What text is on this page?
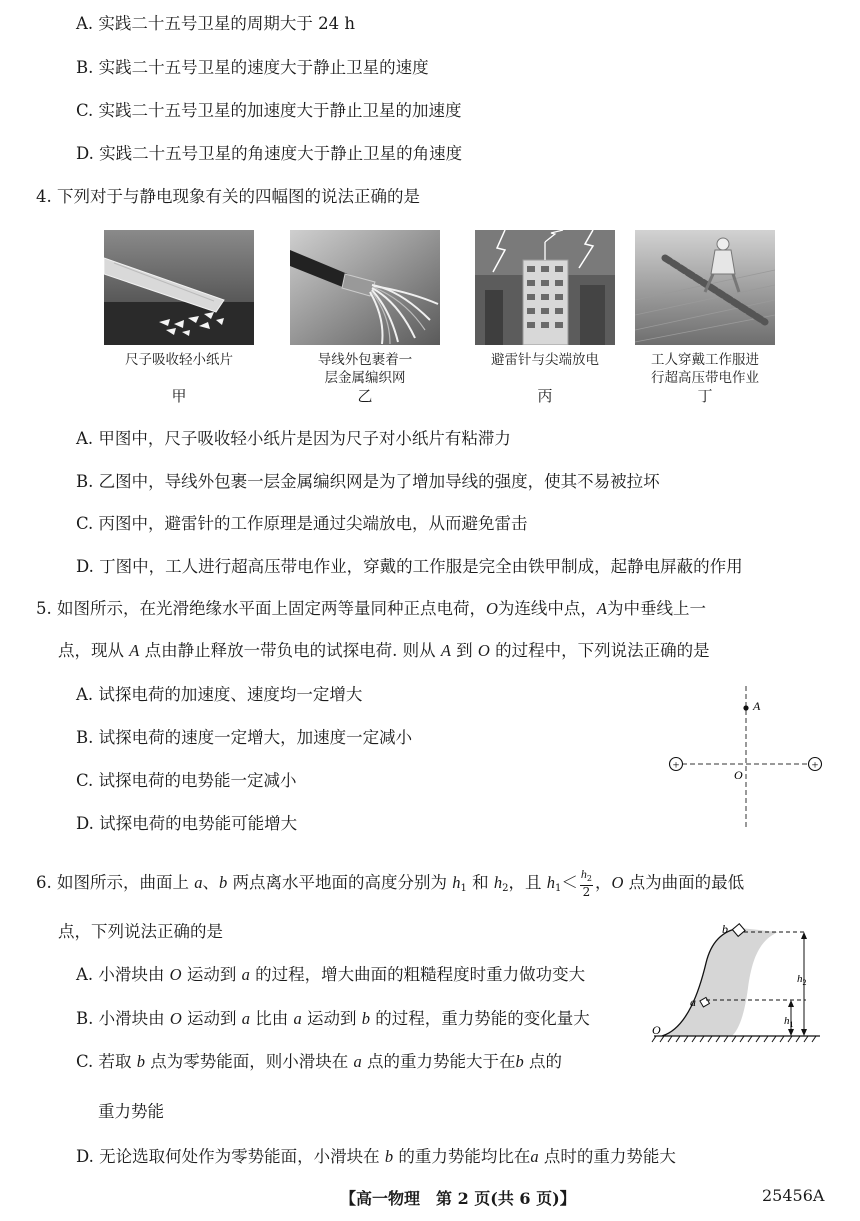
A. 实践二十五号卫星的周期大于 24 h
B. 实践二十五号卫星的速度大于静止卫星的速度
C. 实践二十五号卫星的加速度大于静止卫星的加速度
D. 实践二十五号卫星的角速度大于静止卫星的角速度
4. 下列对于与静电现象有关的四幅图的说法正确的是
尺子吸收轻小纸片
甲
导线外包裹着一
层金属编织网
乙
避雷针与尖端放电
丙
工人穿戴工作服进
行超高压带电作业
丁
A. 甲图中，尺子吸收轻小纸片是因为尺子对小纸片有粘滞力
B. 乙图中，导线外包裹一层金属编织网是为了增加导线的强度，使其不易被拉坏
C. 丙图中，避雷针的工作原理是通过尖端放电，从而避免雷击
D. 丁图中，工人进行超高压带电作业，穿戴的工作服是完全由铁甲制成，起静电屏蔽的作用
5. 如图所示，在光滑绝缘水平面上固定两等量同种正点电荷，O为连线中点，A为中垂线上一
点，现从 A 点由静止释放一带负电的试探电荷. 则从 A 到 O 的过程中，下列说法正确的是
A. 试探电荷的加速度、速度均一定增大
B. 试探电荷的速度一定增大，加速度一定减小
C. 试探电荷的电势能一定减小
D. 试探电荷的电势能可能增大
A
O
+	+
6. 如图所示，曲面上 a、b 两点离水平地面的高度分别为 $h_1$ 和 $h_2$，且 $h_1< \frac{h_2}{2}$ ，O 点为曲面的最低
点，下列说法正确的是
A. 小滑块由 O 运动到 a 的过程，增大曲面的粗糙程度时重力做功变大
B. 小滑块由 O 运动到 a 比由 a 运动到 b 的过程，重力势能的变化量大
C. 若取 b 点为零势能面，则小滑块在 a 点的重力势能大于在b 点的
重力势能
D. 无论选取何处作为零势能面，小滑块在 b 的重力势能均比在a 点时的重力势能大
b
a
O
$h_1$
$h_2$
【高一物理　第 2 页(共 6 页)】	25456A
